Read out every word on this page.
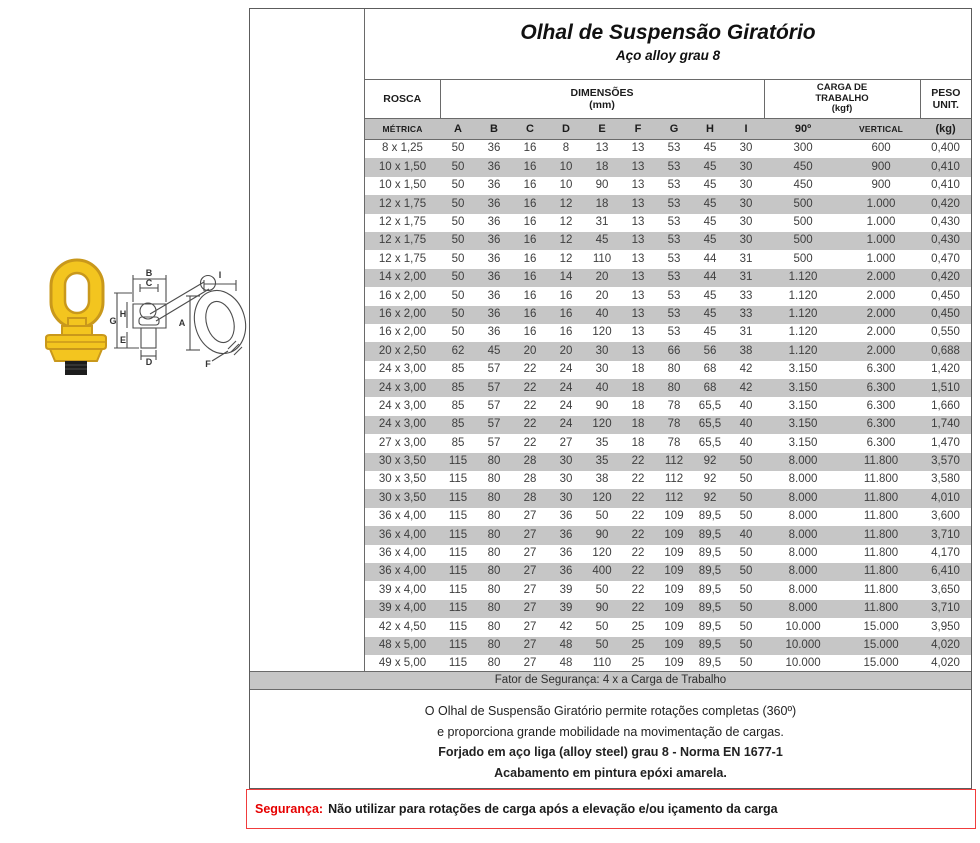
B
C
G
H
E
D
I
A
F
Olhal de Suspensão Giratório
Aço alloy grau 8
ROSCA

DIMENSÕES
(mm)

CARGA DE
TRABALHO
(kgf)

PESO
UNIT.

MÉTRICA	A	B	C	D	E	F	G	H	I	90º	VERTICAL	(kg)
8 x 1,25	50	36	16	8	13	13	53	45	30	300	600	0,400
10 x 1,50	50	36	16	10	18	13	53	45	30	450	900	0,410
10 x 1,50	50	36	16	10	90	13	53	45	30	450	900	0,410
12 x 1,75	50	36	16	12	18	13	53	45	30	500	1.000	0,420
12 x 1,75	50	36	16	12	31	13	53	45	30	500	1.000	0,430
12 x 1,75	50	36	16	12	45	13	53	45	30	500	1.000	0,430
12 x 1,75	50	36	16	12	110	13	53	44	31	500	1.000	0,470
14 x 2,00	50	36	16	14	20	13	53	44	31	1.120	2.000	0,420
16 x 2,00	50	36	16	16	20	13	53	45	33	1.120	2.000	0,450
16 x 2,00	50	36	16	16	40	13	53	45	33	1.120	2.000	0,450
16 x 2,00	50	36	16	16	120	13	53	45	31	1.120	2.000	0,550
20 x 2,50	62	45	20	20	30	13	66	56	38	1.120	2.000	0,688
24 x 3,00	85	57	22	24	30	18	80	68	42	3.150	6.300	1,420
24 x 3,00	85	57	22	24	40	18	80	68	42	3.150	6.300	1,510
24 x 3,00	85	57	22	24	90	18	78	65,5	40	3.150	6.300	1,660
24 x 3,00	85	57	22	24	120	18	78	65,5	40	3.150	6.300	1,740
27 x 3,00	85	57	22	27	35	18	78	65,5	40	3.150	6.300	1,470
30 x 3,50	115	80	28	30	35	22	112	92	50	8.000	11.800	3,570
30 x 3,50	115	80	28	30	38	22	112	92	50	8.000	11.800	3,580
30 x 3,50	115	80	28	30	120	22	112	92	50	8.000	11.800	4,010
36 x 4,00	115	80	27	36	50	22	109	89,5	50	8.000	11.800	3,600
36 x 4,00	115	80	27	36	90	22	109	89,5	40	8.000	11.800	3,710
36 x 4,00	115	80	27	36	120	22	109	89,5	50	8.000	11.800	4,170
36 x 4,00	115	80	27	36	400	22	109	89,5	50	8.000	11.800	6,410
39 x 4,00	115	80	27	39	50	22	109	89,5	50	8.000	11.800	3,650
39 x 4,00	115	80	27	39	90	22	109	89,5	50	8.000	11.800	3,710
42 x 4,50	115	80	27	42	50	25	109	89,5	50	10.000	15.000	3,950
48 x 5,00	115	80	27	48	50	25	109	89,5	50	10.000	15.000	4,020
49 x 5,00	115	80	27	48	110	25	109	89,5	50	10.000	15.000	4,020
Fator de Segurança: 4 x a Carga de Trabalho
O Olhal de Suspensão Giratório permite rotações completas (360º)
e proporciona grande mobilidade na movimentação de cargas.
Forjado em aço liga (alloy steel) grau 8 - Norma EN 1677-1
Acabamento em pintura epóxi amarela.
Segurança: Não utilizar para rotações de carga após a elevação e/ou içamento da carga
